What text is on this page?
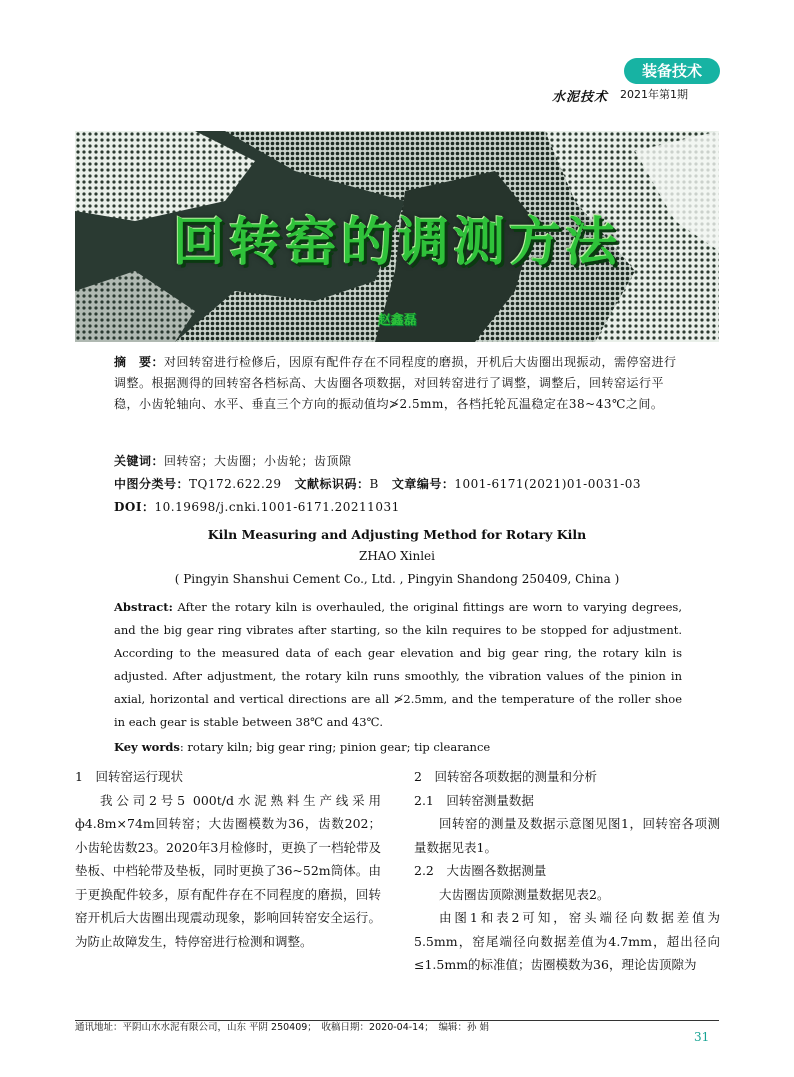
装备技术
水泥技术 2021年第1期
回转窑的调测方法
赵鑫磊
摘　要：对回转窑进行检修后，因原有配件存在不同程度的磨损，开机后大齿圈出现振动，需停窑进行调整。根据测得的回转窑各档标高、大齿圈各项数据，对回转窑进行了调整，调整后，回转窑运行平稳，小齿轮轴向、水平、垂直三个方向的振动值均≯2.5mm，各档托轮瓦温稳定在38~43℃之间。
关键词：回转窑；大齿圈；小齿轮；齿顶隙
中图分类号：TQ172.622.29 文献标识码：B 文章编号：1001-6171(2021)01-0031-03
DOI：10.19698/j.cnki.1001-6171.20211031
Kiln Measuring and Adjusting Method for Rotary Kiln
ZHAO Xinlei
( Pingyin Shanshui Cement Co., Ltd. , Pingyin Shandong 250409, China )
Abstract: After the rotary kiln is overhauled, the original fittings are worn to varying degrees, and the big gear ring vibrates after starting, so the kiln requires to be stopped for adjustment. According to the measured data of each gear elevation and big gear ring, the rotary kiln is adjusted. After adjustment, the rotary kiln runs smoothly, the vibration values of the pinion in axial, horizontal and vertical directions are all ≯2.5mm, and the temperature of the roller shoe in each gear is stable between 38℃ and 43℃.
Key words: rotary kiln; big gear ring; pinion gear; tip clearance

1　回转窑运行现状

我公司2号5 000t/d水泥熟料生产线采用ф4.8m×74m回转窑；大齿圈模数为36，齿数202；小齿轮齿数23。2020年3月检修时，更换了一档轮带及垫板、中档轮带及垫板，同时更换了36~52m筒体。由于更换配件较多，原有配件存在不同程度的磨损，回转窑开机后大齿圈出现震动现象，影响回转窑安全运行。为防止故障发生，特停窑进行检测和调整。

2　回转窑各项数据的测量和分析

2.1　回转窑测量数据

回转窑的测量及数据示意图见图1，回转窑各项测量数据见表1。

2.2　大齿圈各数据测量

大齿圈齿顶隙测量数据见表2。

由图1和表2可知，窑头端径向数据差值为5.5mm，窑尾端径向数据差值为4.7mm，超出径向≤1.5mm的标准值；齿圈模数为36，理论齿顶隙为

通讯地址：平阴山水水泥有限公司，山东 平阴 250409；　收稿日期：2020-04-14；　编辑：孙 娟
31
